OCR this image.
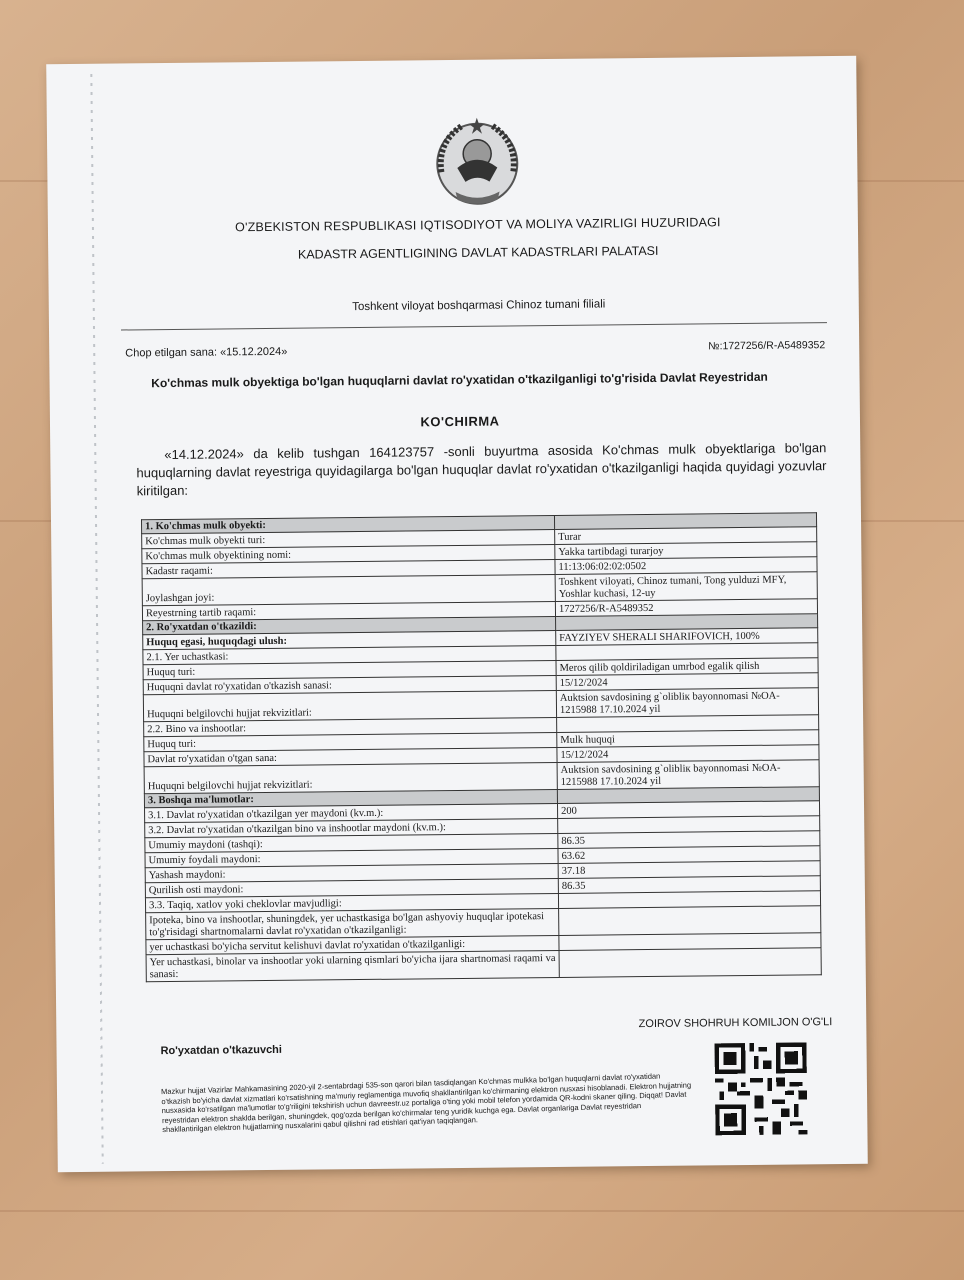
O'ZBEKISTON RESPUBLIKASI IQTISODIYOT VA MOLIYA VAZIRLIGI HUZURIDAGI
KADASTR AGENTLIGINING DAVLAT KADASTRLARI PALATASI
Toshkent viloyat boshqarmasi Chinoz tumani filiali
Chop etilgan sana: «15.12.2024»
№:1727256/R-A5489352
Ko'chmas mulk obyektiga bo'lgan huquqlarni davlat ro'yxatidan o'tkazilganligi to'g'risida Davlat Reyestridan
KO'CHIRMA
«14.12.2024» da kelib tushgan 164123757 -sonli buyurtma asosida Ko'chmas mulk obyektlariga bo'lgan huquqlarning davlat reyestriga quyidagilarga bo'lgan huquqlar davlat ro'yxatidan o'tkazilganligi haqida quyidagi yozuvlar kiritilgan:
1. Ko'chmas mulk obyekti:	
Ko'chmas mulk obyekti turi:	Turar
Ko'chmas mulk obyektining nomi:	Yakka tartibdagi turarjoy
Kadastr raqami:	11:13:06:02:02:0502
Joylashgan joyi:	Toshkent viloyati, Chinoz tumani, Tong yulduzi MFY, Yoshlar kuchasi, 12-uy
Reyestrning tartib raqami:	1727256/R-A5489352
2. Ro'yxatdan o'tkazildi:	
Huquq egasi, huquqdagi ulush:	FAYZIYEV SHERALI SHARIFOVICH, 100%
2.1. Yer uchastkasi:	
Huquq turi:	Meros qilib qoldiriladigan umrbod egalik qilish
Huquqni davlat ro'yxatidan o'tkazish sanasi:	15/12/2024
Huquqni belgilovchi hujjat rekvizitlari:	Auktsion savdosining g`olibliк bayonnomasi №OA-1215988 17.10.2024 yil
2.2. Bino va inshootlar:	
Huquq turi:	Mulk huquqi
Davlat ro'yxatidan o'tgan sana:	15/12/2024
Huquqni belgilovchi hujjat rekvizitlari:	Auktsion savdosining g`olibliк bayonnomasi №OA-1215988 17.10.2024 yil
3. Boshqa ma'lumotlar:	
3.1. Davlat ro'yxatidan o'tkazilgan yer maydoni (kv.m.):	200
3.2. Davlat ro'yxatidan o'tkazilgan bino va inshootlar maydoni (kv.m.):	
Umumiy maydoni (tashqi):	86.35
Umumiy foydali maydoni:	63.62
Yashash maydoni:	37.18
Qurilish osti maydoni:	86.35
3.3. Taqiq, xatlov yoki cheklovlar mavjudligi:	
Ipoteka, bino va inshootlar, shuningdek, yer uchastkasiga bo'lgan ashyoviy huquqlar ipotekasi to'g'risidagi shartnomalarni davlat ro'yxatidan o'tkazilganligi:	
yer uchastkasi bo'yicha servitut kelishuvi davlat ro'yxatidan o'tkazilganligi:	
Yer uchastkasi, binolar va inshootlar yoki ularning qismlari bo'yicha ijara shartnomasi raqami va sanasi:	
ZOIROV SHOHRUH KOMILJON O'G'LI
Ro'yxatdan o'tkazuvchi
Mazkur hujjat Vazirlar Mahkamasining 2020-yil 2-sentabrdagi 535-son qarori bilan tasdiqlangan Ko'chmas mulkka bo'lgan huquqlarni davlat ro'yxatidan o'tkazish bo'yicha davlat xizmatlari ko'rsatishning ma'muriy reglamentiga muvofiq shakllantirilgan ko'chirmaning elektron nusxasi hisoblanadi. Elektron hujjatning nusxasida ko'rsatilgan ma'lumotlar to'g'riligini tekshirish uchun davreestr.uz portaliga o'ting yoki mobil telefon yordamida QR-kodni skaner qiling. Diqqat! Davlat reyestridan elektron shaklda berilgan, shuningdek, qog'ozda berilgan ko'chirmalar teng yuridik kuchga ega. Davlat organlariga Davlat reyestridan shakllantirilgan elektron hujjatlarning nusxalarini qabul qilishni rad etishlari qat'iyan taqiqlangan.
